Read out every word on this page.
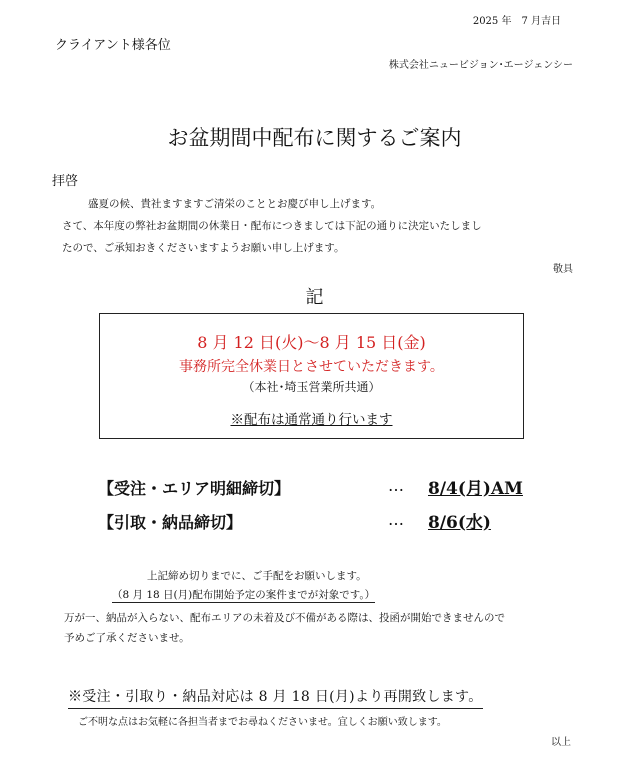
2025 年　7 月吉日
クライアント様各位
株式会社ニュービジョン･エージェンシー
お盆期間中配布に関するご案内
拝啓
盛夏の候、貴社ますますご清栄のこととお慶び申し上げます。
さて、本年度の弊社お盆期間の休業日・配布につきましては下記の通りに決定いたしまし
たので、ご承知おきくださいますようお願い申し上げます。
敬具
記
8 月 12 日(火)～8 月 15 日(金)
事務所完全休業日とさせていただきます。
（本社･埼玉営業所共通）
※配布は通常通り行います
【受注・エリア明細締切】	… 8/4(月)AM
【引取・納品締切】	… 8/6(水)
上記締め切りまでに、ご手配をお願いします。
（8 月 18 日(月)配布開始予定の案件までが対象です。）
万が一、納品が入らない、配布エリアの未着及び不備がある際は、投函が開始できませんので
予めご了承くださいませ。
※受注・引取り・納品対応は 8 月 18 日(月)より再開致します。
ご不明な点はお気軽に各担当者までお尋ねくださいませ。宜しくお願い致します。
以上
